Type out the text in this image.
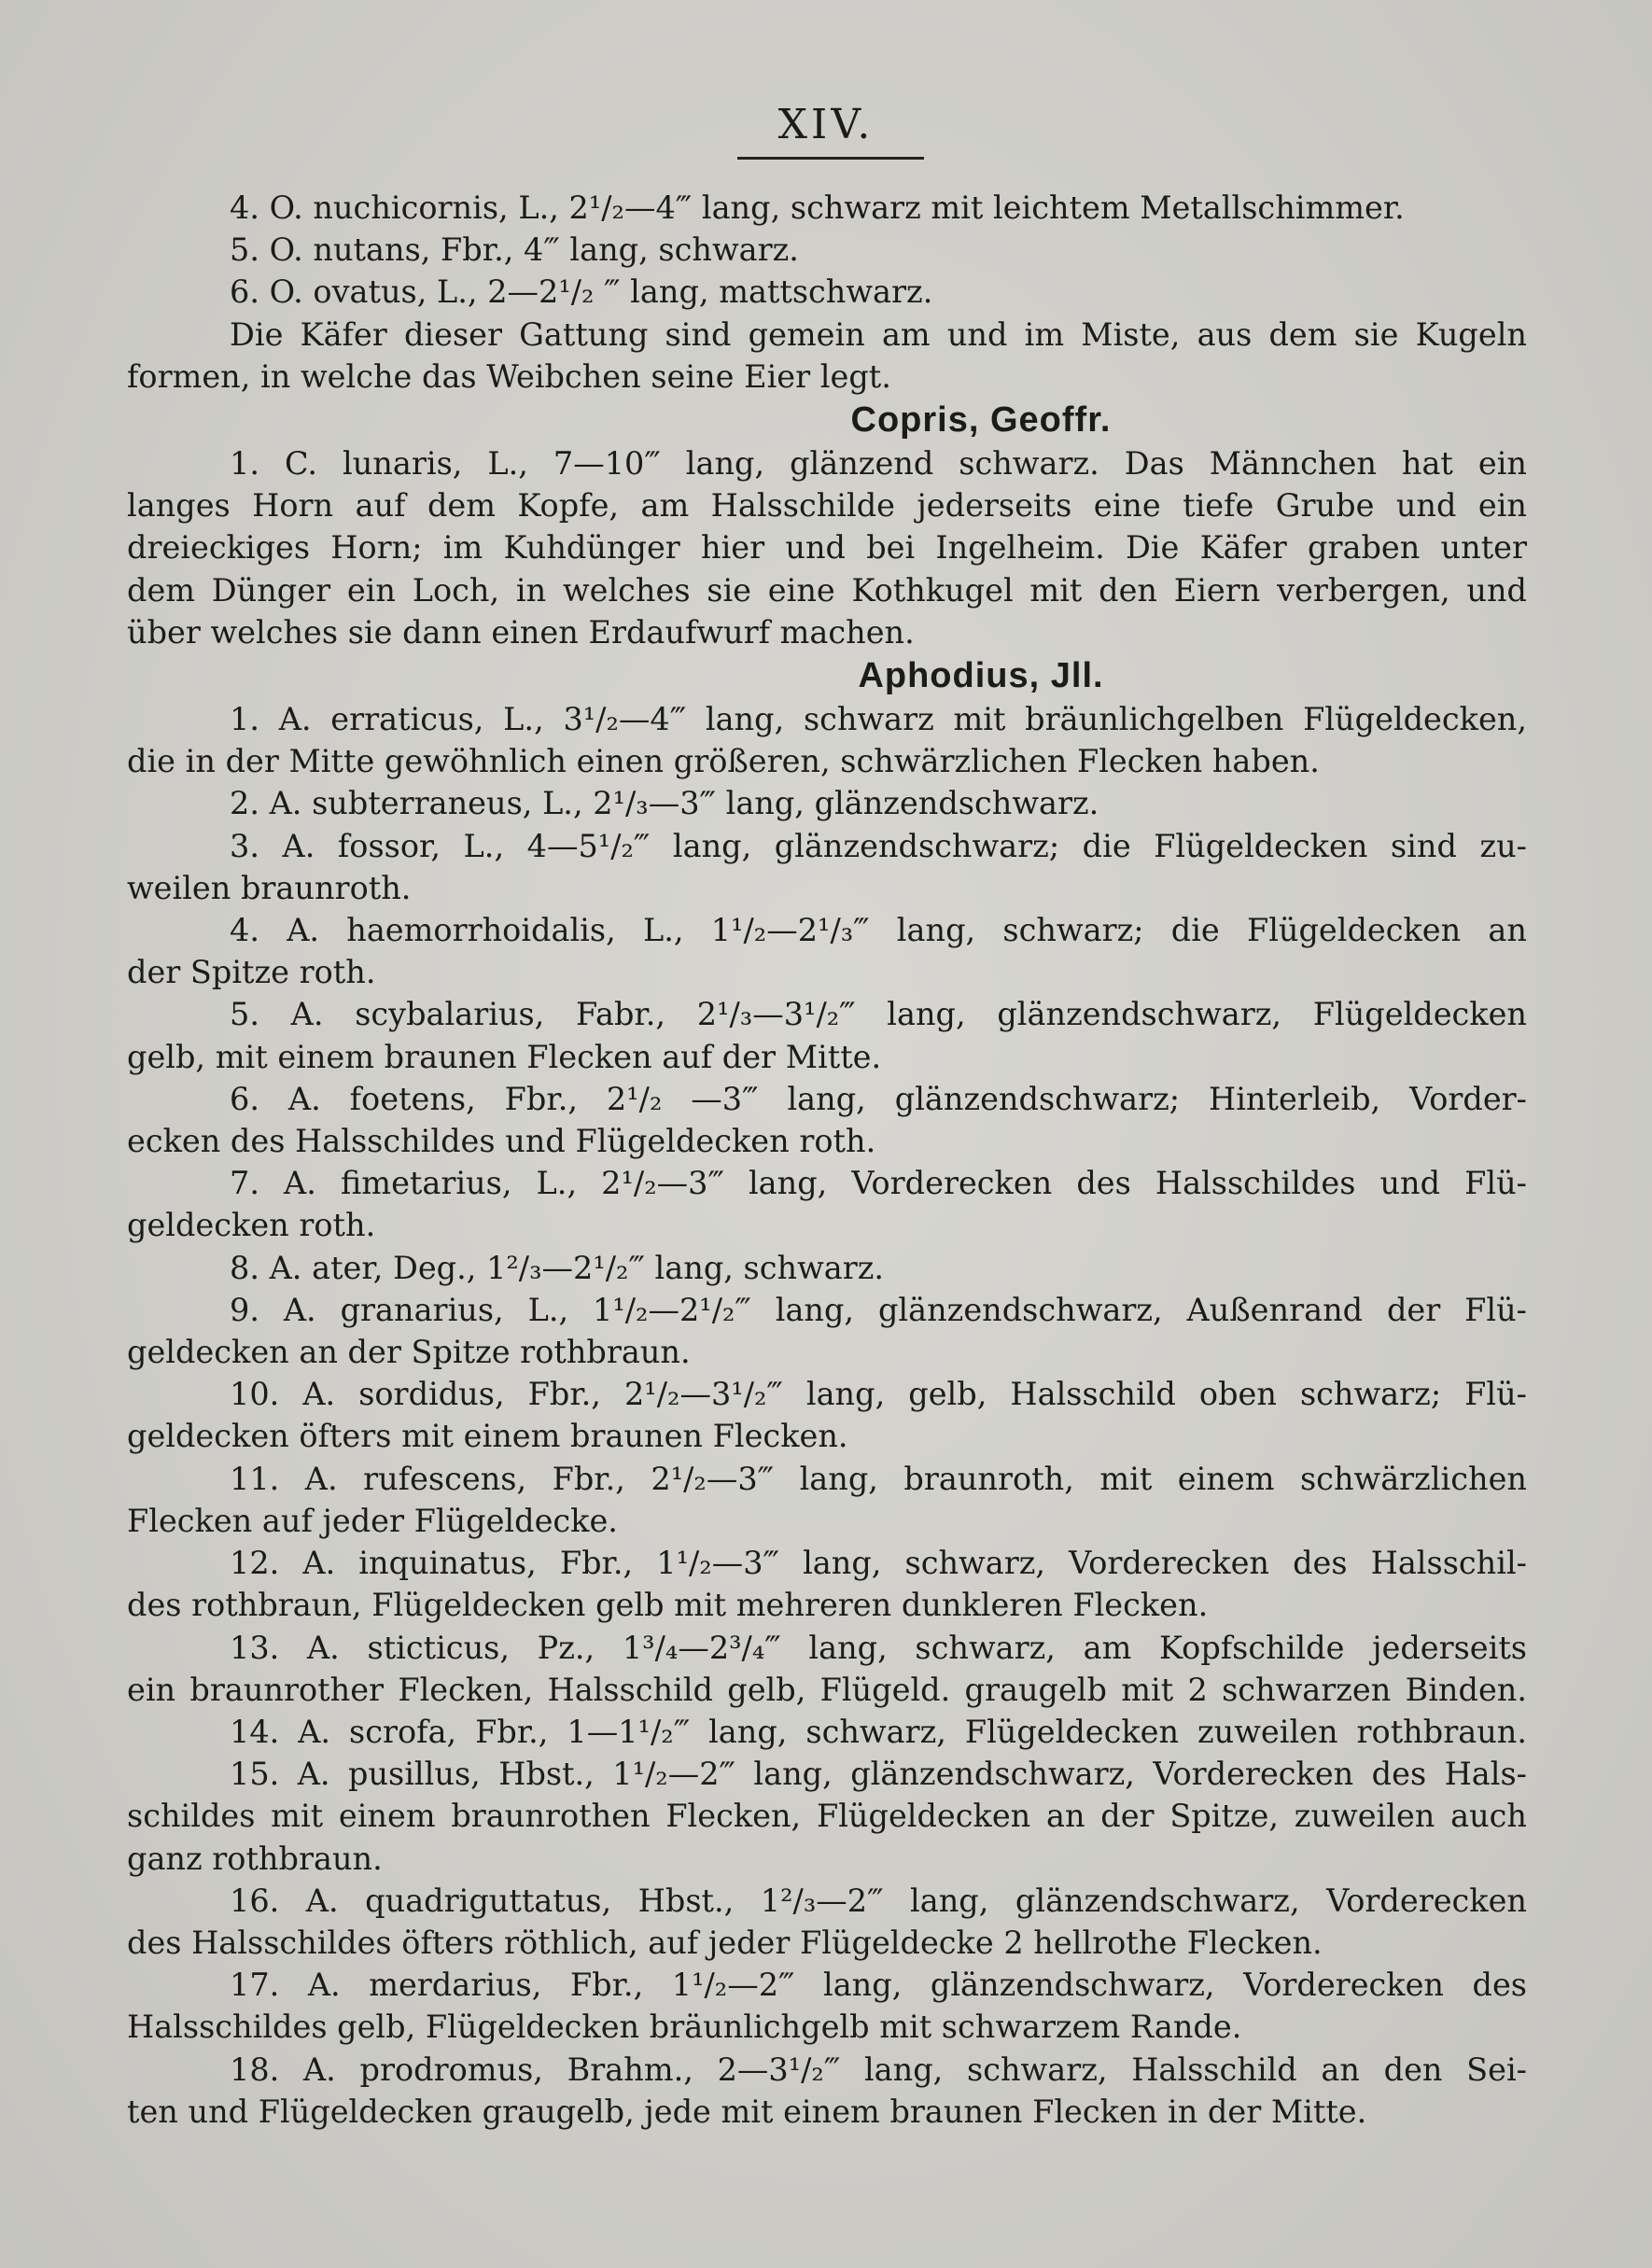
XIV.
4. O. nuchicornis, L., 2¹/₂—4‴ lang, schwarz mit leichtem Metallschimmer.
5. O. nutans, Fbr., 4‴ lang, schwarz.
6. O. ovatus, L., 2—2¹/₂ ‴ lang, mattschwarz.
Die Käfer dieser Gattung sind gemein am und im Miste, aus dem sie Kugeln
formen, in welche das Weibchen seine Eier legt.
Copris, Geoffr.
1. C. lunaris, L., 7—10‴ lang, glänzend schwarz. Das Männchen hat ein
langes Horn auf dem Kopfe, am Halsschilde jederseits eine tiefe Grube und ein
dreieckiges Horn; im Kuhdünger hier und bei Ingelheim. Die Käfer graben unter
dem Dünger ein Loch, in welches sie eine Kothkugel mit den Eiern verbergen, und
über welches sie dann einen Erdaufwurf machen.
Aphodius, Jll.
1. A. erraticus, L., 3¹/₂—4‴ lang, schwarz mit bräunlichgelben Flügeldecken,
die in der Mitte gewöhnlich einen größeren, schwärzlichen Flecken haben.
2. A. subterraneus, L., 2¹/₃—3‴ lang, glänzendschwarz.
3. A. fossor, L., 4—5¹/₂‴ lang, glänzendschwarz; die Flügeldecken sind zu-
weilen braunroth.
4. A. haemorrhoidalis, L., 1¹/₂—2¹/₃‴ lang, schwarz; die Flügeldecken an
der Spitze roth.
5. A. scybalarius, Fabr., 2¹/₃—3¹/₂‴ lang, glänzendschwarz, Flügeldecken
gelb, mit einem braunen Flecken auf der Mitte.
6. A. foetens, Fbr., 2¹/₂ —3‴ lang, glänzendschwarz; Hinterleib, Vorder-
ecken des Halsschildes und Flügeldecken roth.
7. A. fimetarius, L., 2¹/₂—3‴ lang, Vorderecken des Halsschildes und Flü-
geldecken roth.
8. A. ater, Deg., 1²/₃—2¹/₂‴ lang, schwarz.
9. A. granarius, L., 1¹/₂—2¹/₂‴ lang, glänzendschwarz, Außenrand der Flü-
geldecken an der Spitze rothbraun.
10. A. sordidus, Fbr., 2¹/₂—3¹/₂‴ lang, gelb, Halsschild oben schwarz; Flü-
geldecken öfters mit einem braunen Flecken.
11. A. rufescens, Fbr., 2¹/₂—3‴ lang, braunroth, mit einem schwärzlichen
Flecken auf jeder Flügeldecke.
12. A. inquinatus, Fbr., 1¹/₂—3‴ lang, schwarz, Vorderecken des Halsschil-
des rothbraun, Flügeldecken gelb mit mehreren dunkleren Flecken.
13. A. sticticus, Pz., 1³/₄—2³/₄‴ lang, schwarz, am Kopfschilde jederseits
ein braunrother Flecken, Halsschild gelb, Flügeld. graugelb mit 2 schwarzen Binden.
14. A. scrofa, Fbr., 1—1¹/₂‴ lang, schwarz, Flügeldecken zuweilen rothbraun.
15. A. pusillus, Hbst., 1¹/₂—2‴ lang, glänzendschwarz, Vorderecken des Hals-
schildes mit einem braunrothen Flecken, Flügeldecken an der Spitze, zuweilen auch
ganz rothbraun.
16. A. quadriguttatus, Hbst., 1²/₃—2‴ lang, glänzendschwarz, Vorderecken
des Halsschildes öfters röthlich, auf jeder Flügeldecke 2 hellrothe Flecken.
17. A. merdarius, Fbr., 1¹/₂—2‴ lang, glänzendschwarz, Vorderecken des
Halsschildes gelb, Flügeldecken bräunlichgelb mit schwarzem Rande.
18. A. prodromus, Brahm., 2—3¹/₂‴ lang, schwarz, Halsschild an den Sei-
ten und Flügeldecken graugelb, jede mit einem braunen Flecken in der Mitte.
